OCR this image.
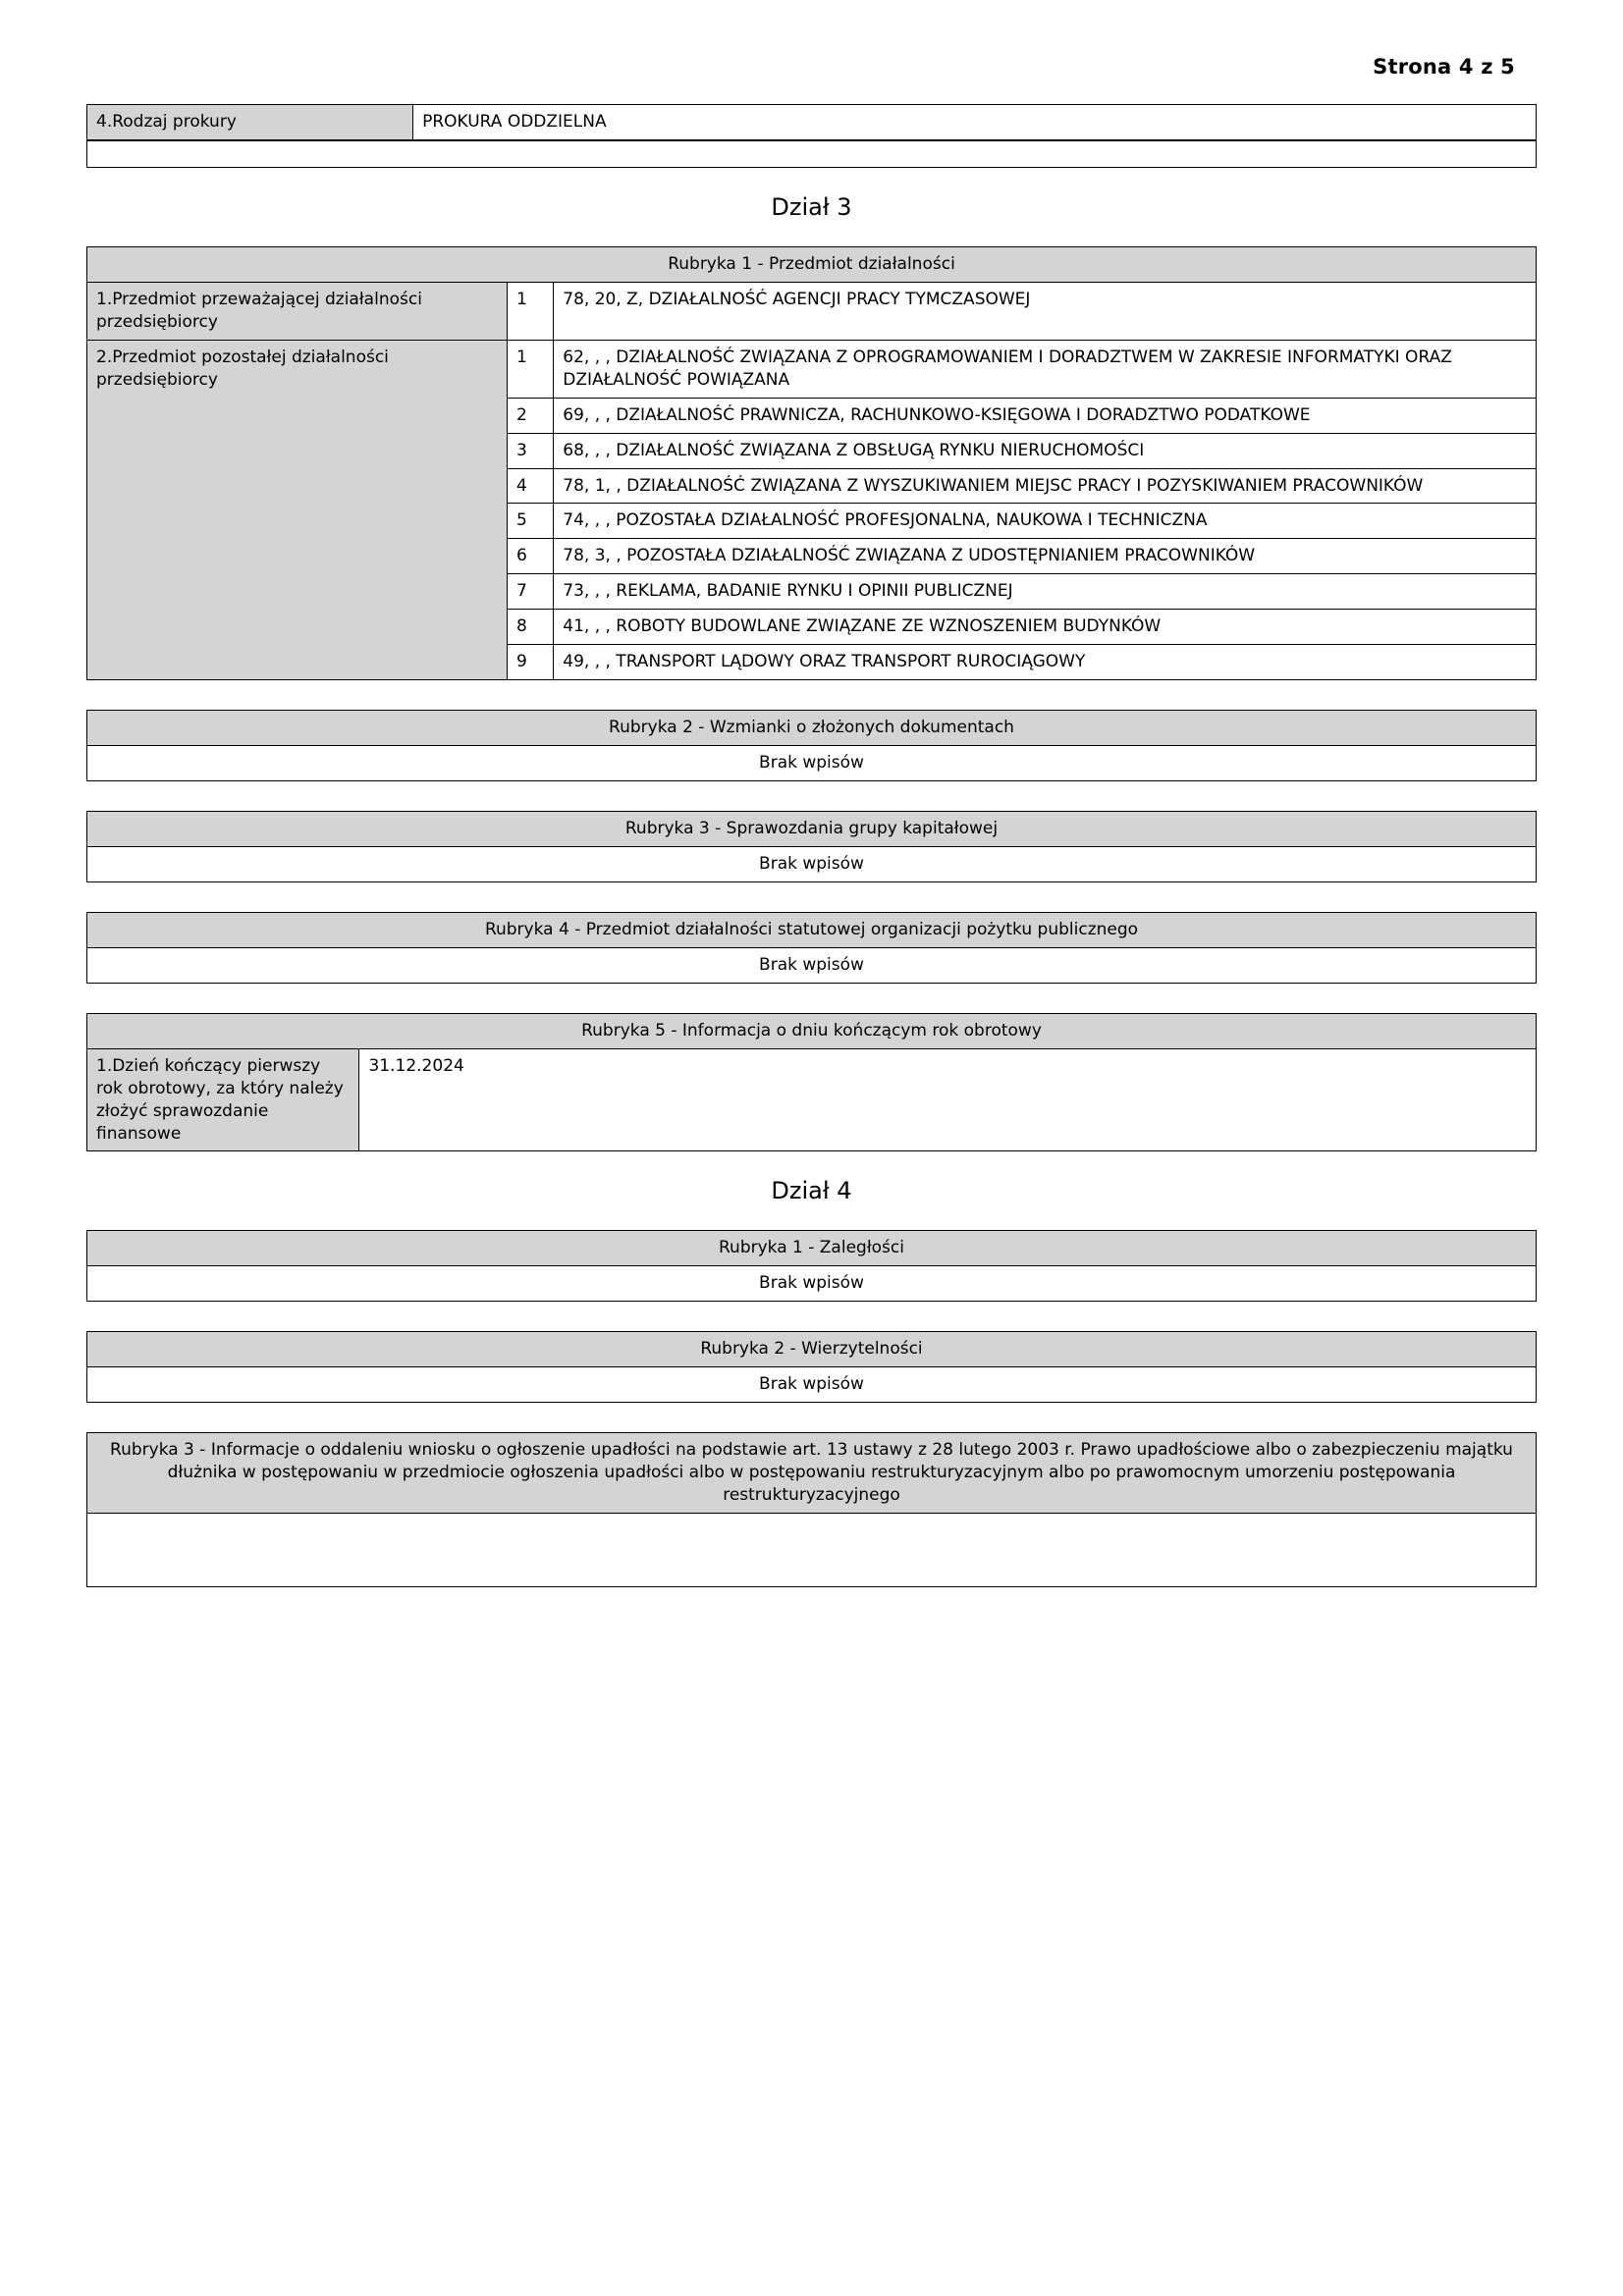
Strona 4 z 5
4.Rodzaj prokury	PROKURA ODDZIELNA
Dział 3
Rubryka 1 - Przedmiot działalności		
1.Przedmiot przeważającej działalności przedsiębiorcy	1	78, 20, Z, DZIAŁALNOŚĆ AGENCJI PRACY TYMCZASOWEJ
2.Przedmiot pozostałej działalności przedsiębiorcy	1	62, , , DZIAŁALNOŚĆ ZWIĄZANA Z OPROGRAMOWANIEM I DORADZTWEM W ZAKRESIE INFORMATYKI ORAZ DZIAŁALNOŚĆ POWIĄZANA
	2	69, , , DZIAŁALNOŚĆ PRAWNICZA, RACHUNKOWO-KSIĘGOWA I DORADZTWO PODATKOWE
	3	68, , , DZIAŁALNOŚĆ ZWIĄZANA Z OBSŁUGĄ RYNKU NIERUCHOMOŚCI
	4	78, 1, , DZIAŁALNOŚĆ ZWIĄZANA Z WYSZUKIWANIEM MIEJSC PRACY I POZYSKIWANIEM PRACOWNIKÓW
	5	74, , , POZOSTAŁA DZIAŁALNOŚĆ PROFESJONALNA, NAUKOWA I TECHNICZNA
	6	78, 3, , POZOSTAŁA DZIAŁALNOŚĆ ZWIĄZANA Z UDOSTĘPNIANIEM PRACOWNIKÓW
	7	73, , , REKLAMA, BADANIE RYNKU I OPINII PUBLICZNEJ
	8	41, , , ROBOTY BUDOWLANE ZWIĄZANE ZE WZNOSZENIEM BUDYNKÓW
	9	49, , , TRANSPORT LĄDOWY ORAZ TRANSPORT RUROCIĄGOWY
Rubryka 2 - Wzmianki o złożonych dokumentach
Brak wpisów
Rubryka 3 - Sprawozdania grupy kapitałowej
Brak wpisów
Rubryka 4 - Przedmiot działalności statutowej organizacji pożytku publicznego
Brak wpisów
Rubryka 5 - Informacja o dniu kończącym rok obrotowy
1.Dzień kończący pierwszy rok obrotowy, za który należy złożyć sprawozdanie finansowe	31.12.2024
Dział 4
Rubryka 1 - Zaległości
Brak wpisów
Rubryka 2 - Wierzytelności
Brak wpisów
Rubryka 3 - Informacje o oddaleniu wniosku o ogłoszenie upadłości na podstawie art. 13 ustawy z 28 lutego 2003 r. Prawo upadłościowe albo o zabezpieczeniu majątku dłużnika w postępowaniu w przedmiocie ogłoszenia upadłości albo w postępowaniu restrukturyzacyjnym albo po prawomocnym umorzeniu postępowania restrukturyzacyjnego
